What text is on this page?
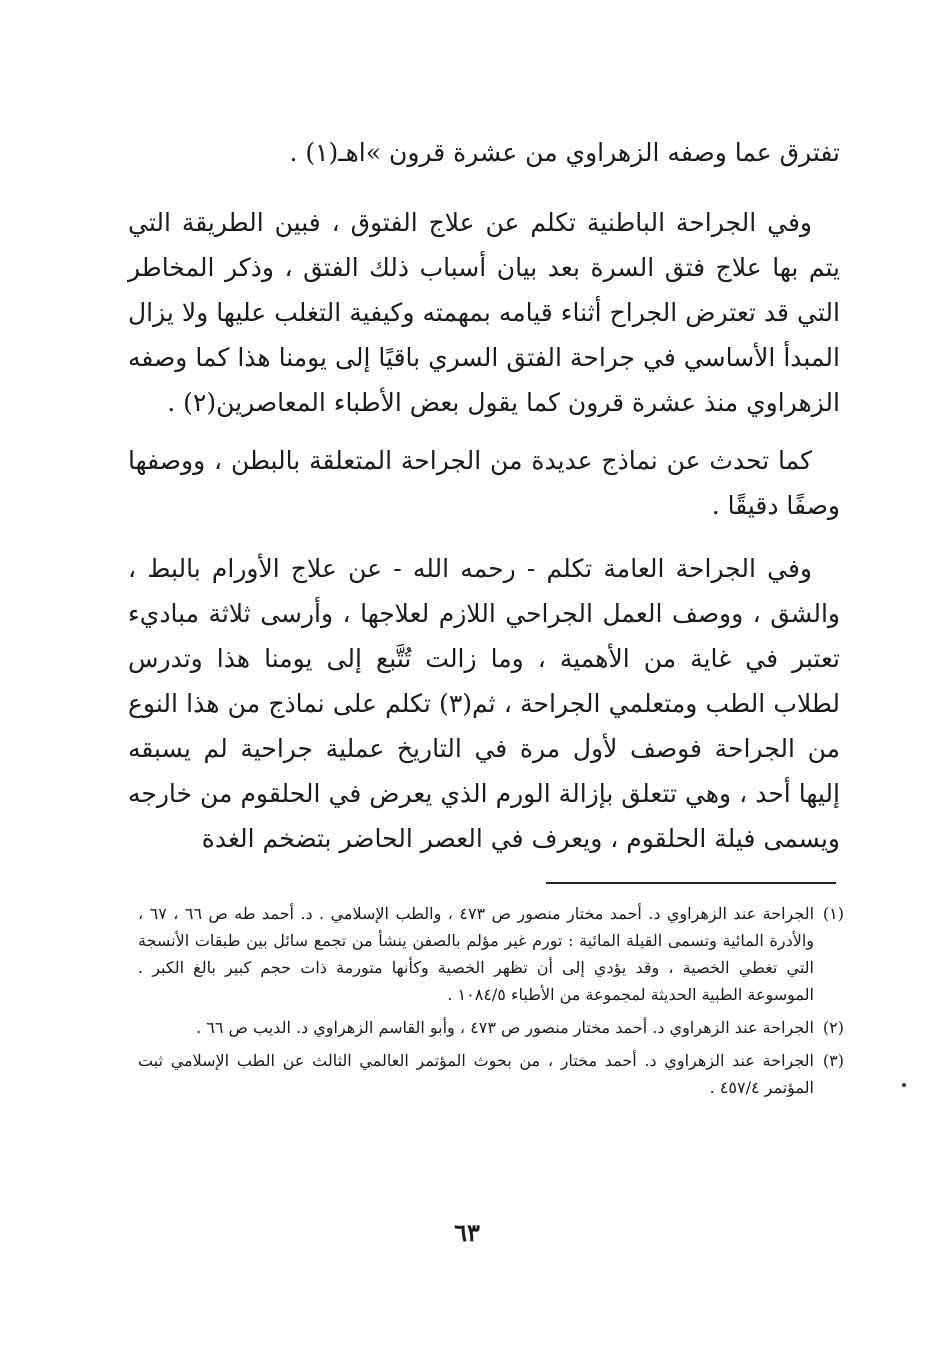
تفترق عما وصفه الزهراوي من عشرة قرون »اهـ(١) .

وفي الجراحة الباطنية تكلم عن علاج الفتوق ، فبين الطريقة التي يتم بها علاج فتق السرة بعد بيان أسباب ذلك الفتق ، وذكر المخاطر التي قد تعترض الجراح أثناء قيامه بمهمته وكيفية التغلب عليها ولا يزال المبدأ الأساسي في جراحة الفتق السري باقيًا إلى يومنا هذا كما وصفه الزهراوي منذ عشرة قرون كما يقول بعض الأطباء المعاصرين(٢) .

كما تحدث عن نماذج عديدة من الجراحة المتعلقة بالبطن ، ووصفها وصفًا دقيقًا .

وفي الجراحة العامة تكلم - رحمه الله - عن علاج الأورام بالبط ، والشق ، ووصف العمل الجراحي اللازم لعلاجها ، وأرسى ثلاثة مباديء تعتبر في غاية من الأهمية ، وما زالت تُتَّبع إلى يومنا هذا وتدرس لطلاب الطب ومتعلمي الجراحة ، ثم(٣) تكلم على نماذج من هذا النوع من الجراحة فوصف لأول مرة في التاريخ عملية جراحية لم يسبقه إليها أحد ، وهي تتعلق بإزالة الورم الذي يعرض في الحلقوم من خارجه ويسمى فيلة الحلقوم ، ويعرف في العصر الحاضر بتضخم الغدة

(١)
الجراحة عند الزهراوي د. أحمد مختار منصور ص ٤٧٣ ، والطب الإسلامي . د. أحمد طه ص ٦٦ ، ٦٧ ، والأدرة المائية وتسمى القيلة المائية : تورم غير مؤلم بالصفن ينشأ من تجمع سائل بين طبقات الأنسجة التي تغطي الخصية ، وقد يؤدي إلى أن تظهر الخصية وكأنها متورمة ذات حجم كبير بالغ الكبر . الموسوعة الطبية الحديثة لمجموعة من الأطباء ١٠٨٤/٥ .
(٢)
الجراحة عند الزهراوي د. أحمد مختار منصور ص ٤٧٣ ، وأبو القاسم الزهراوي د. الديب ص ٦٦ .
(٣)
الجراحة عند الزهراوي د. أحمد مختار ، من بحوث المؤتمر العالمي الثالث عن الطب الإسلامي ثبت المؤتمر ٤٥٧/٤ .
٦٣
